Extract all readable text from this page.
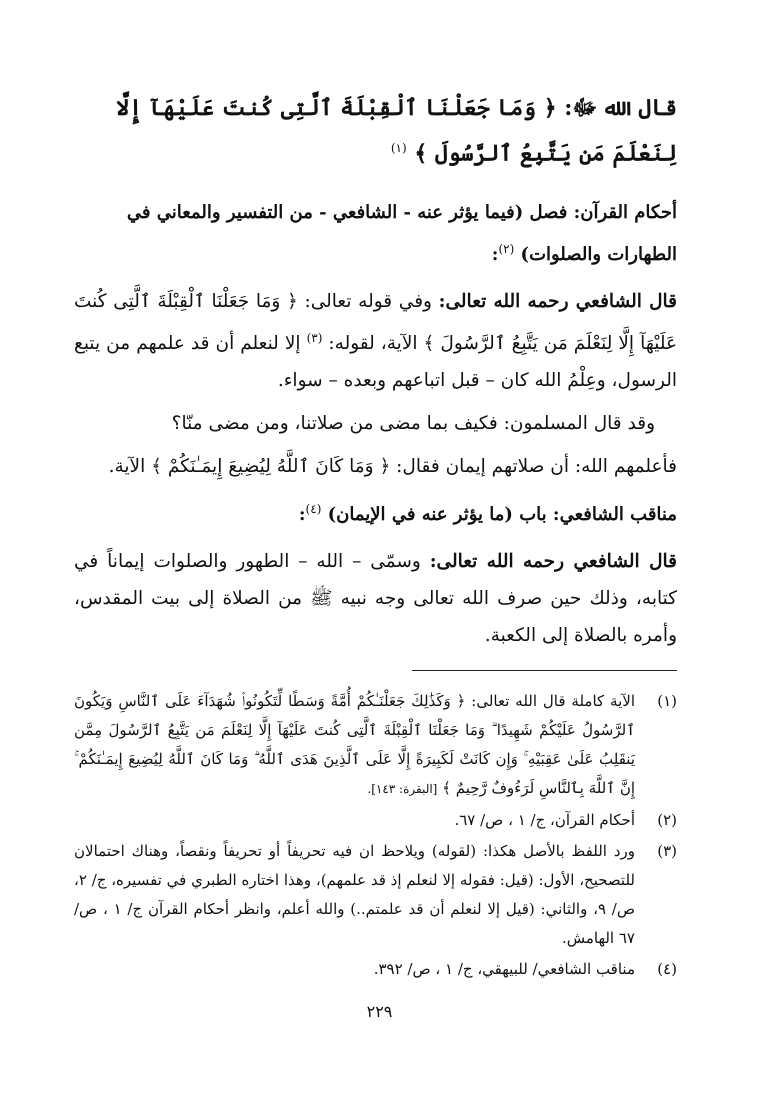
قال الله ﷻ: ﴿ وَمَا جَعَلْنَا ٱلْقِبْلَةَ ٱلَّتِى كُنتَ عَلَيْهَآ إِلَّا لِنَعْلَمَ مَن يَتَّبِعُ ٱلرَّسُولَ ﴾ $^{(١)}$

أحكام القرآن: فصل (فيما يؤثر عنه - الشافعي - من التفسير والمعاني في الطهارات والصلوات) $^{(٢)}$:

قال الشافعي رحمه الله تعالى: وفي قوله تعالى: ﴿ وَمَا جَعَلْنَا ٱلْقِبْلَةَ ٱلَّتِى كُنتَ عَلَيْهَآ إِلَّا لِنَعْلَمَ مَن يَتَّبِعُ ٱلرَّسُولَ ﴾ الآية، لقوله: $^{(٣)}$ إلا لنعلم أن قد علمهم من يتبع الرسول، وعِلْمُ الله كان – قبل اتباعهم وبعده – سواء.

وقد قال المسلمون: فكيف بما مضى من صلاتنا، ومن مضى منّا؟

فأعلمهم الله: أن صلاتهم إيمان فقال: ﴿ وَمَا كَانَ ٱللَّهُ لِيُضِيعَ إِيمَـٰنَكُمْ ﴾ الآية.

مناقب الشافعي: باب (ما يؤثر عنه في الإيمان) $^{(٤)}$:

قال الشافعي رحمه الله تعالى: وسمّى – الله – الطهور والصلوات إيماناً في كتابه، وذلك حين صرف الله تعالى وجه نبيه ﷺ من الصلاة إلى بيت المقدس، وأمره بالصلاة إلى الكعبة.

(١)
الآية كاملة قال الله تعالى: ﴿ وَكَذَٰلِكَ جَعَلْنَـٰكُمْ أُمَّةً وَسَطًا لِّتَكُونُوا۟ شُهَدَآءَ عَلَى ٱلنَّاسِ وَيَكُونَ ٱلرَّسُولُ عَلَيْكُمْ شَهِيدًا ۗ وَمَا جَعَلْنَا ٱلْقِبْلَةَ ٱلَّتِى كُنتَ عَلَيْهَآ إِلَّا لِنَعْلَمَ مَن يَتَّبِعُ ٱلرَّسُولَ مِمَّن يَنقَلِبُ عَلَىٰ عَقِبَيْهِ ۚ وَإِن كَانَتْ لَكَبِيرَةً إِلَّا عَلَى ٱلَّذِينَ هَدَى ٱللَّهُ ۗ وَمَا كَانَ ٱللَّهُ لِيُضِيعَ إِيمَـٰنَكُمْ ۚ إِنَّ ٱللَّهَ بِٱلنَّاسِ لَرَءُوفٌ رَّحِيمٌ ﴾ [البقرة: ١٤٣].
(٢)
أحكام القرآن، ج/ ١ ، ص/ ٦٧.
(٣)
ورد اللفظ بالأصل هكذا: (لقوله) ويلاحظ ان فيه تحريفاً أو تحريفاً ونقصاً، وهناك احتمالان للتصحيح، الأول: (قيل: فقوله إلا لنعلم إذ قد علمهم)، وهذا اختاره الطبري في تفسيره، ج/ ٢، ص/ ٩، والثاني: (قيل إلا لنعلم أن قد علمتم..) والله أعلم، وانظر أحكام القرآن ج/ ١ ، ص/ ٦٧ الهامش.
(٤)
مناقب الشافعي/ للبيهقي، ج/ ١ ، ص/ ٣٩٢.
٢٢٩
